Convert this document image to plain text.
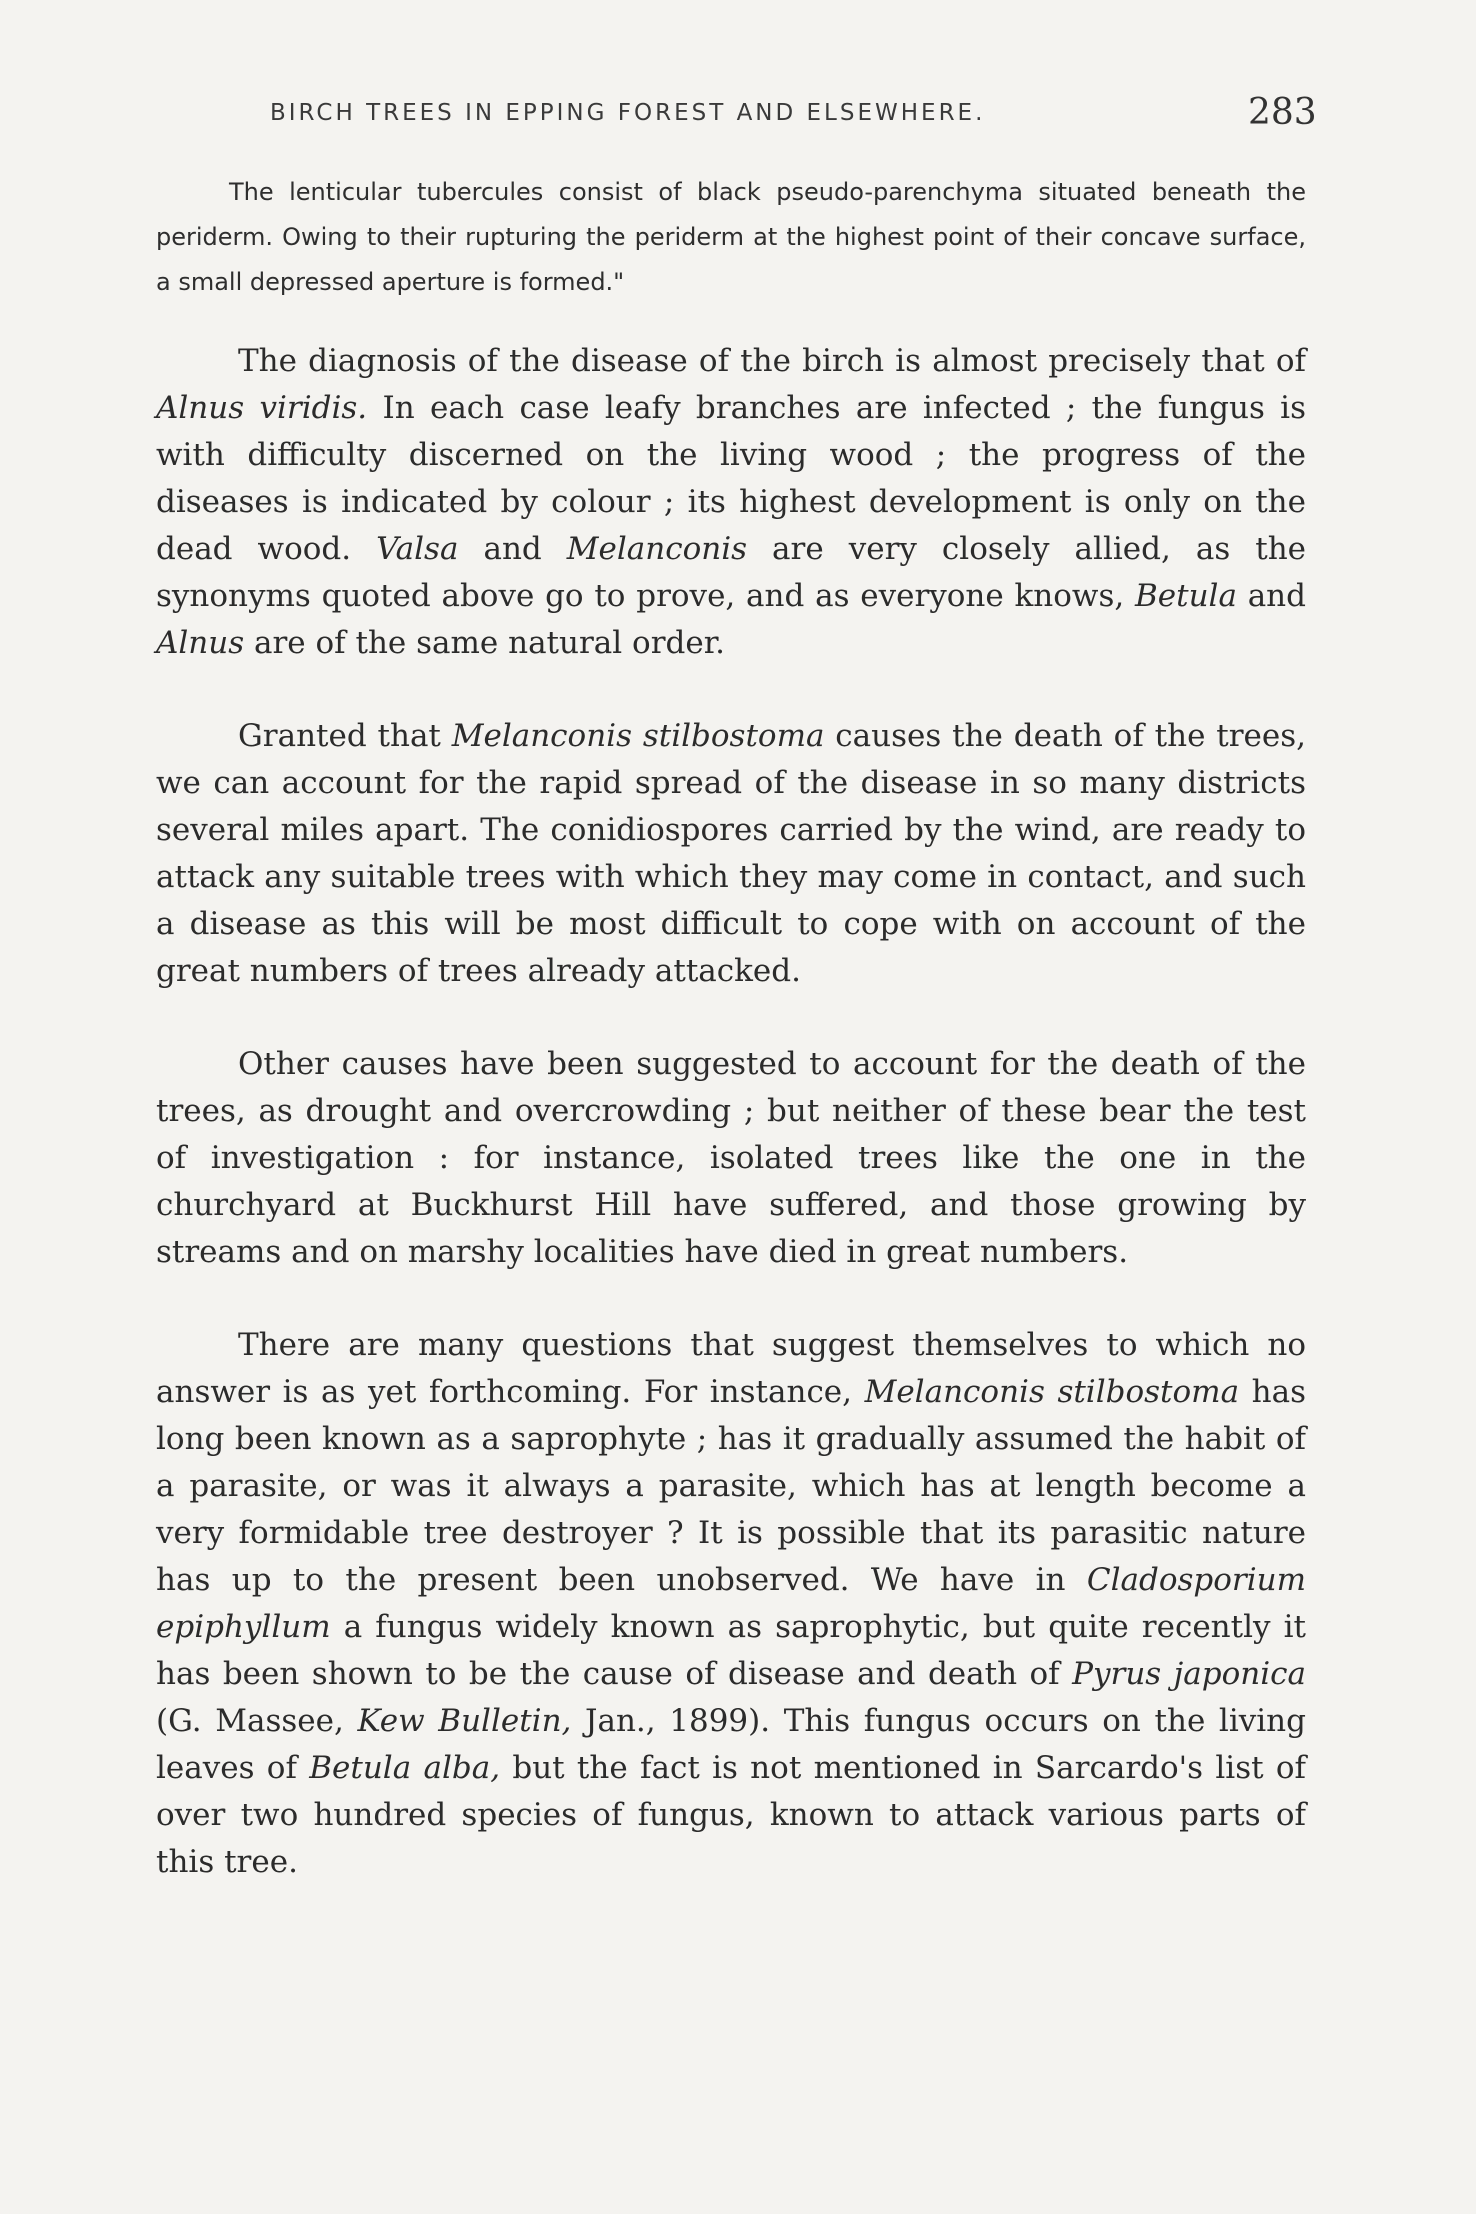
BIRCH TREES IN EPPING FOREST AND ELSEWHERE.	283

The lenticular tubercules consist of black pseudo-parenchyma situated beneath the periderm. Owing to their rupturing the periderm at the highest point of their concave surface, a small depressed aperture is formed."

The diagnosis of the disease of the birch is almost precisely that of Alnus viridis. In each case leafy branches are infected ; the fungus is with difficulty discerned on the living wood ; the progress of the diseases is indicated by colour ; its highest development is only on the dead wood. Valsa and Melanconis are very closely allied, as the synonyms quoted above go to prove, and as everyone knows, Betula and Alnus are of the same natural order.

Granted that Melanconis stilbostoma causes the death of the trees, we can account for the rapid spread of the disease in so many districts several miles apart. The conidiospores carried by the wind, are ready to attack any suitable trees with which they may come in contact, and such a disease as this will be most difficult to cope with on account of the great numbers of trees already attacked.

Other causes have been suggested to account for the death of the trees, as drought and overcrowding ; but neither of these bear the test of investigation : for instance, isolated trees like the one in the churchyard at Buckhurst Hill have suffered, and those growing by streams and on marshy localities have died in great numbers.

There are many questions that suggest themselves to which no answer is as yet forthcoming. For instance, Melanconis stilbostoma has long been known as a saprophyte ; has it gradually assumed the habit of a parasite, or was it always a parasite, which has at length become a very formidable tree destroyer ? It is possible that its parasitic nature has up to the present been unobserved. We have in Cladosporium epiphyllum a fungus widely known as saprophytic, but quite recently it has been shown to be the cause of disease and death of Pyrus japonica (G. Massee, Kew Bulletin, Jan., 1899). This fungus occurs on the living leaves of Betula alba, but the fact is not mentioned in Sarcardo's list of over two hundred species of fungus, known to attack various parts of this tree.
